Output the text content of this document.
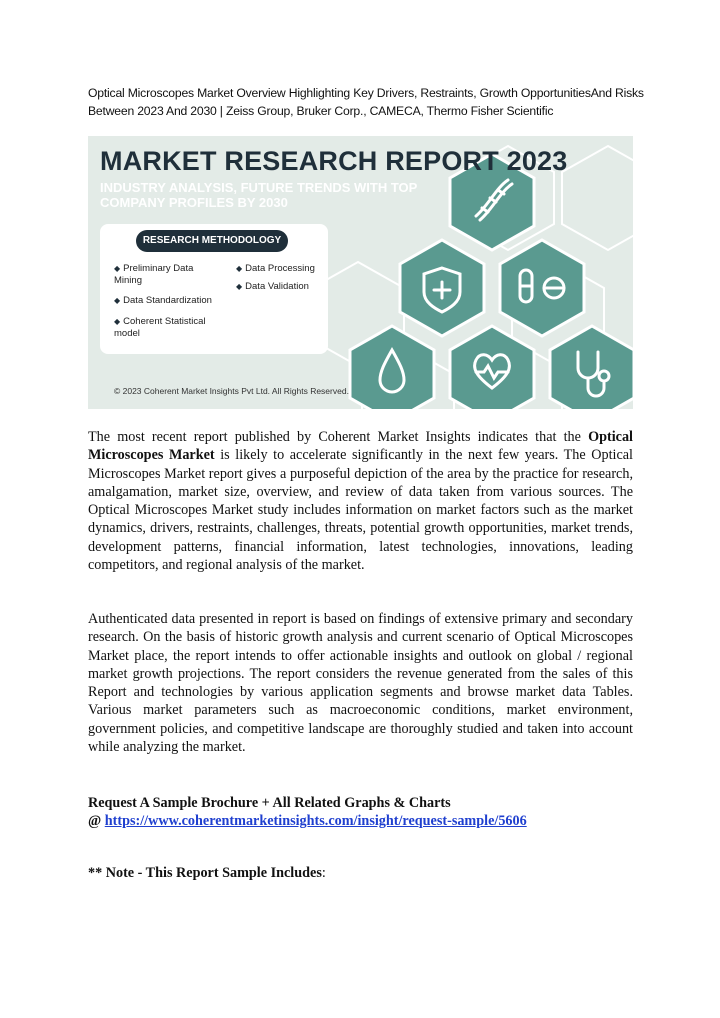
Optical Microscopes Market Overview Highlighting Key Drivers, Restraints, Growth OpportunitiesAnd Risks Between 2023 And 2030 | Zeiss Group, Bruker Corp., CAMECA, Thermo Fisher Scientific
MARKET RESEARCH REPORT 2023
INDUSTRY ANALYSIS, FUTURE TRENDS WITH TOP COMPANY PROFILES BY 2030
RESEARCH METHODOLOGY
◆ Preliminary Data Mining
◆ Data Processing
◆ Data Standardization
◆ Data Validation
◆ Coherent Statistical model
© 2023 Coherent Market Insights Pvt Ltd. All Rights Reserved.
The most recent report published by Coherent Market Insights indicates that the Optical Microscopes Market is likely to accelerate significantly in the next few years. The Optical Microscopes Market report gives a purposeful depiction of the area by the practice for research, amalgamation, market size, overview, and review of data taken from various sources. The Optical Microscopes Market study includes information on market factors such as the market dynamics, drivers, restraints, challenges, threats, potential growth opportunities, market trends, development patterns, financial information, latest technologies, innovations, leading competitors, and regional analysis of the market.
Authenticated data presented in report is based on findings of extensive primary and secondary research. On the basis of historic growth analysis and current scenario of Optical Microscopes Market place, the report intends to offer actionable insights and outlook on global / regional market growth projections. The report considers the revenue generated from the sales of this Report and technologies by various application segments and browse market data Tables. Various market parameters such as macroeconomic conditions, market environment, government policies, and competitive landscape are thoroughly studied and taken into account while analyzing the market.
Request A Sample Brochure + All Related Graphs & Charts
@ https://www.coherentmarketinsights.com/insight/request-sample/5606
** Note - This Report Sample Includes:
